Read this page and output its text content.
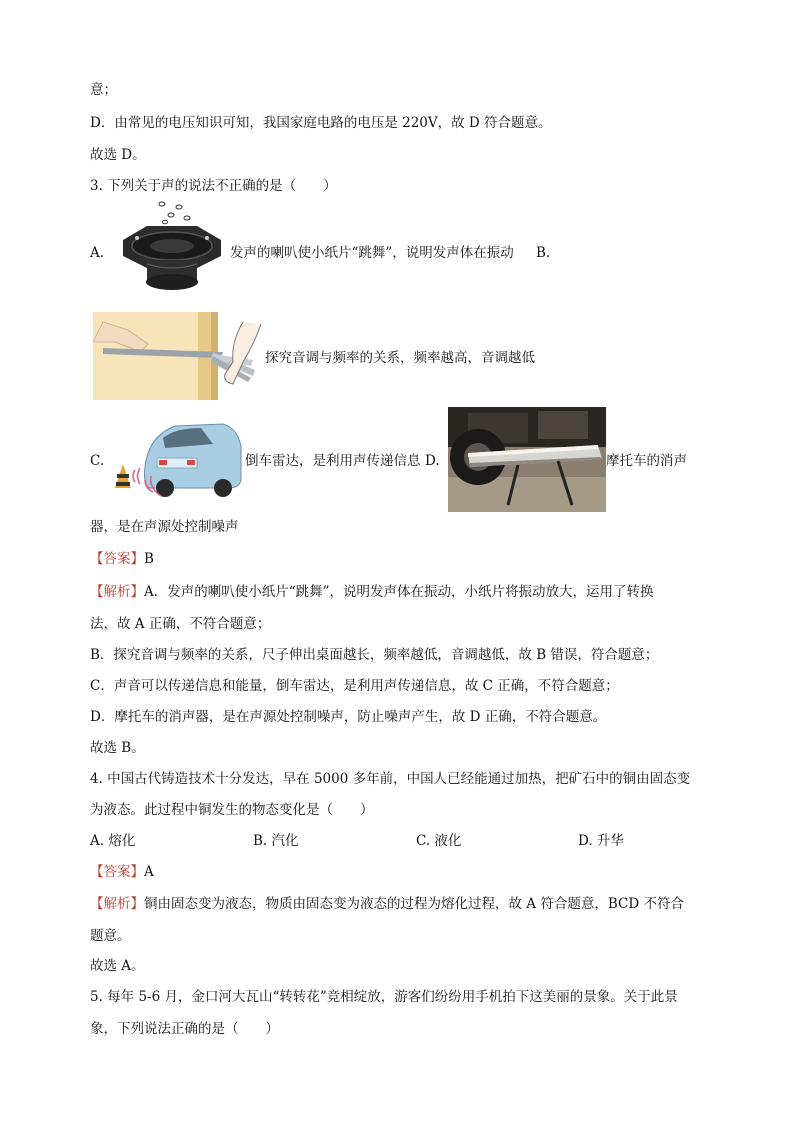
意；
D．由常见的电压知识可知，我国家庭电路的电压是 220V，故 D 符合题意。
故选 D。
3. 下列关于声的说法不正确的是（　　）
A.	发声的喇叭使小纸片“跳舞”，说明发声体在振动 B.
探究音调与频率的关系，频率越高，音调越低
C.	倒车雷达，是利用声传递信息 D.	摩托车的消声
器，是在声源处控制噪声
【答案】B
【解析】A．发声的喇叭使小纸片“跳舞”，说明发声体在振动，小纸片将振动放大，运用了转换
法，故 A 正确，不符合题意；
B．探究音调与频率的关系，尺子伸出桌面越长，频率越低，音调越低，故 B 错误，符合题意；
C．声音可以传递信息和能量，倒车雷达，是利用声传递信息，故 C 正确，不符合题意；
D．摩托车的消声器，是在声源处控制噪声，防止噪声产生，故 D 正确，不符合题意。
故选 B。
4. 中国古代铸造技术十分发达，早在 5000 多年前，中国人已经能通过加热，把矿石中的铜由固态变
为液态。此过程中铜发生的物态变化是（　　）
A. 熔化	B. 汽化	C. 液化	D. 升华
【答案】A
【解析】铜由固态变为液态，物质由固态变为液态的过程为熔化过程，故 A 符合题意，BCD 不符合
题意。
故选 A。
5. 每年 5-6 月，金口河大瓦山“转转花”竞相绽放，游客们纷纷用手机拍下这美丽的景象。关于此景
象，下列说法正确的是（　　）
